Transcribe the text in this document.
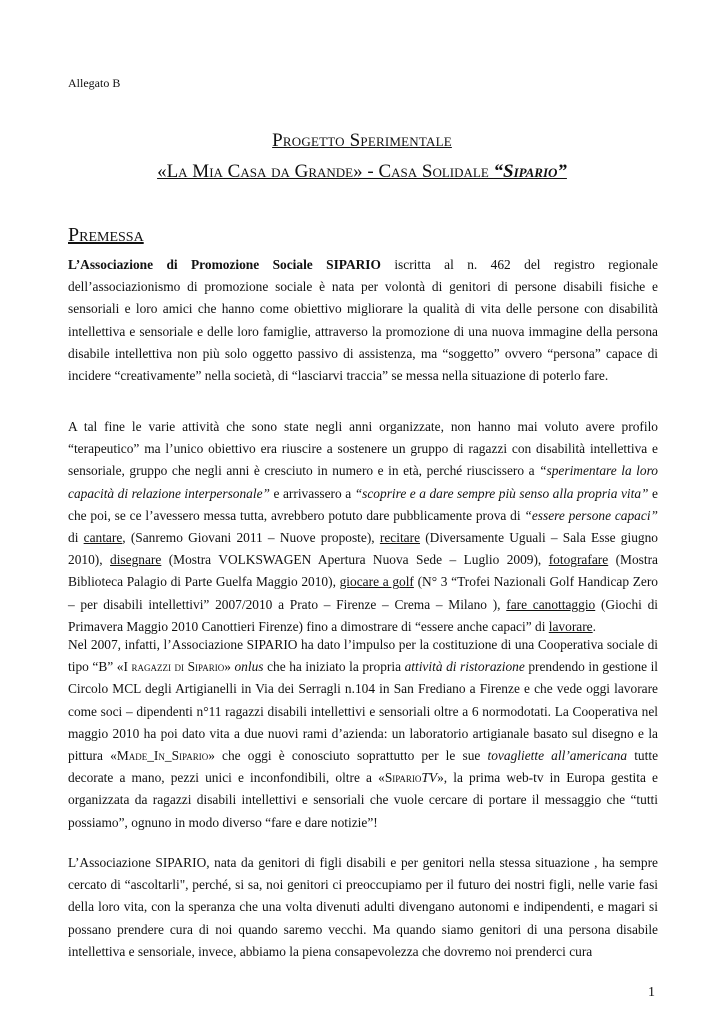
Allegato B
Progetto Sperimentale
«La Mia Casa da Grande» - Casa Solidale “Sipario”
Premessa

L’Associazione di Promozione Sociale SIPARIO iscritta al n. 462 del registro regionale dell’associazionismo di promozione sociale è nata per volontà di genitori di persone disabili fisiche e sensoriali e loro amici che hanno come obiettivo migliorare la qualità di vita delle persone con disabilità intellettiva e sensoriale e delle loro famiglie, attraverso la promozione di una nuova immagine della persona disabile intellettiva non più solo oggetto passivo di assistenza, ma “soggetto” ovvero “persona” capace di incidere “creativamente” nella società, di “lasciarvi traccia” se messa nella situazione di poterlo fare.

A tal fine le varie attività che sono state negli anni organizzate, non hanno mai voluto avere profilo “terapeutico” ma l’unico obiettivo era riuscire a sostenere un gruppo di ragazzi con disabilità intellettiva e sensoriale, gruppo che negli anni è cresciuto in numero e in età, perché riuscissero a “sperimentare la loro capacità di relazione interpersonale” e arrivassero a “scoprire e a dare sempre più senso alla propria vita” e che poi, se ce l’avessero messa tutta, avrebbero potuto dare pubblicamente prova di “essere persone capaci” di cantare, (Sanremo Giovani 2011 – Nuove proposte), recitare (Diversamente Uguali – Sala Esse giugno 2010), disegnare (Mostra VOLKSWAGEN Apertura Nuova Sede – Luglio 2009), fotografare (Mostra Biblioteca Palagio di Parte Guelfa Maggio 2010), giocare a golf (N° 3 “Trofei Nazionali Golf Handicap Zero – per disabili intellettivi” 2007/2010 a Prato – Firenze – Crema – Milano ), fare canottaggio (Giochi di Primavera Maggio 2010 Canottieri Firenze) fino a dimostrare di “essere anche capaci” di lavorare.

Nel 2007, infatti, l’Associazione SIPARIO ha dato l’impulso per la costituzione di una Cooperativa sociale di tipo “B” «I ragazzi di Sipario» onlus che ha iniziato la propria attività di ristorazione prendendo in gestione il Circolo MCL degli Artigianelli in Via dei Serragli n.104 in San Frediano a Firenze e che vede oggi lavorare come soci – dipendenti n°11 ragazzi disabili intellettivi e sensoriali oltre a 6 normodotati. La Cooperativa nel maggio 2010 ha poi dato vita a due nuovi rami d’azienda: un laboratorio artigianale basato sul disegno e la pittura «Made_In_Sipario» che oggi è conosciuto soprattutto per le sue tovagliette all’americana tutte decorate a mano, pezzi unici e inconfondibili, oltre a «SiparioTV», la prima web-tv in Europa gestita e organizzata da ragazzi disabili intellettivi e sensoriali che vuole cercare di portare il messaggio che “tutti possiamo”, ognuno in modo diverso “fare e dare notizie”!

L’Associazione SIPARIO, nata da genitori di figli disabili e per genitori nella stessa situazione , ha sempre cercato di “ascoltarli", perché, si sa, noi genitori ci preoccupiamo per il futuro dei nostri figli, nelle varie fasi della loro vita, con la speranza che una volta divenuti adulti divengano autonomi e indipendenti, e magari si possano prendere cura di noi quando saremo vecchi. Ma quando siamo genitori di una persona disabile intellettiva e sensoriale, invece, abbiamo la piena consapevolezza che dovremo noi prenderci cura

1
